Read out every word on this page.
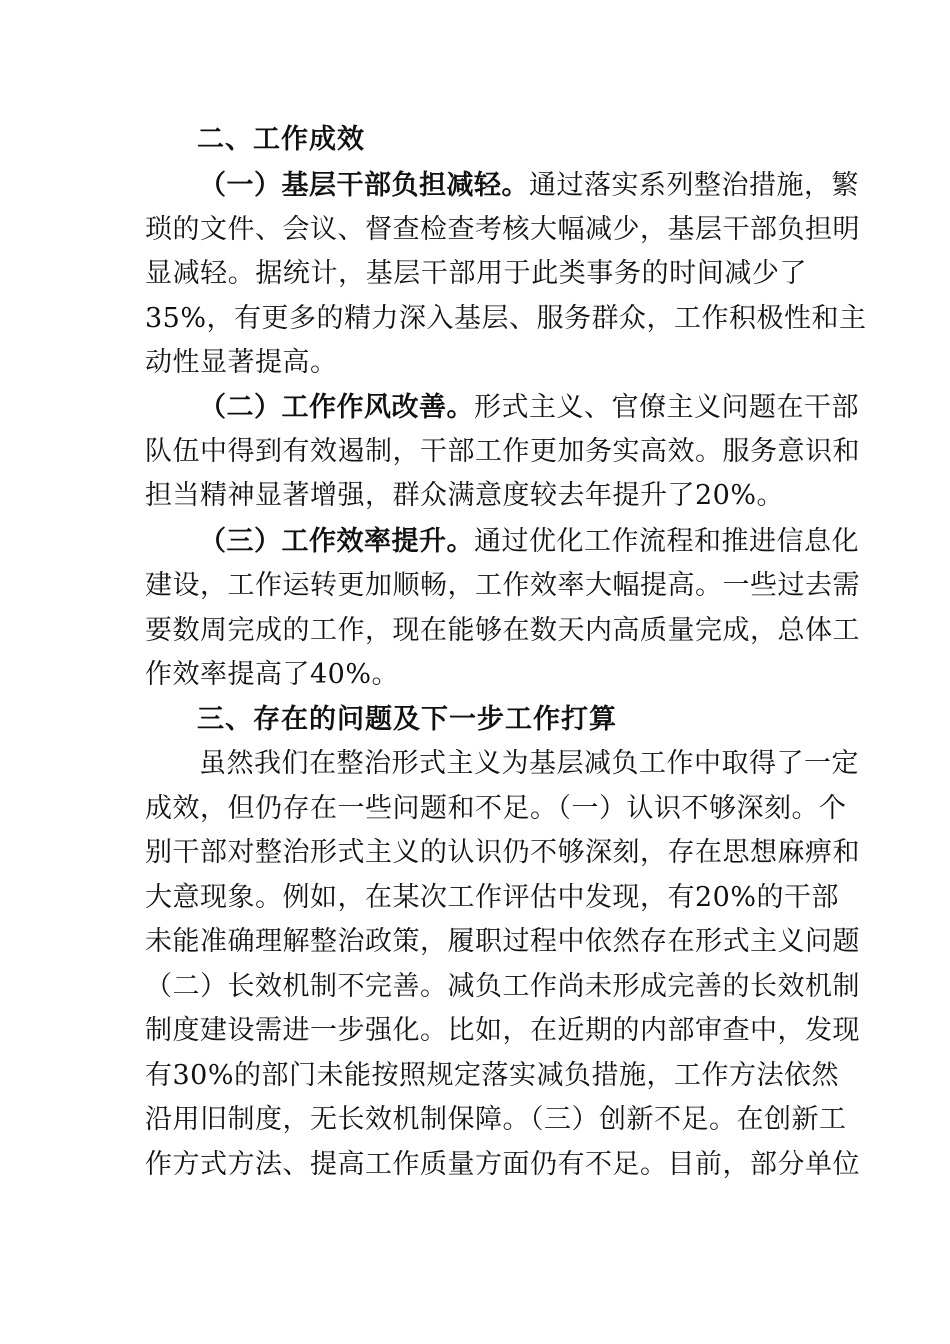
二、工作成效
（一）基层干部负担减轻。通过落实系列整治措施，繁
琐的文件、会议、督查检查考核大幅减少，基层干部负担明
显减轻。据统计，基层干部用于此类事务的时间减少了
35%，有更多的精力深入基层、服务群众，工作积极性和主
动性显著提高。
（二）工作作风改善。形式主义、官僚主义问题在干部
队伍中得到有效遏制，干部工作更加务实高效。服务意识和
担当精神显著增强，群众满意度较去年提升了20%。
（三）工作效率提升。通过优化工作流程和推进信息化
建设，工作运转更加顺畅，工作效率大幅提高。一些过去需
要数周完成的工作，现在能够在数天内高质量完成，总体工
作效率提高了40%。
三、存在的问题及下一步工作打算
虽然我们在整治形式主义为基层减负工作中取得了一定
成效，但仍存在一些问题和不足。（一）认识不够深刻。个
别干部对整治形式主义的认识仍不够深刻，存在思想麻痹和
大意现象。例如，在某次工作评估中发现，有20%的干部
未能准确理解整治政策，履职过程中依然存在形式主义问题
（二）长效机制不完善。减负工作尚未形成完善的长效机制
制度建设需进一步强化。比如，在近期的内部审查中，发现
有30%的部门未能按照规定落实减负措施，工作方法依然
沿用旧制度，无长效机制保障。（三）创新不足。在创新工
作方式方法、提高工作质量方面仍有不足。目前，部分单位
